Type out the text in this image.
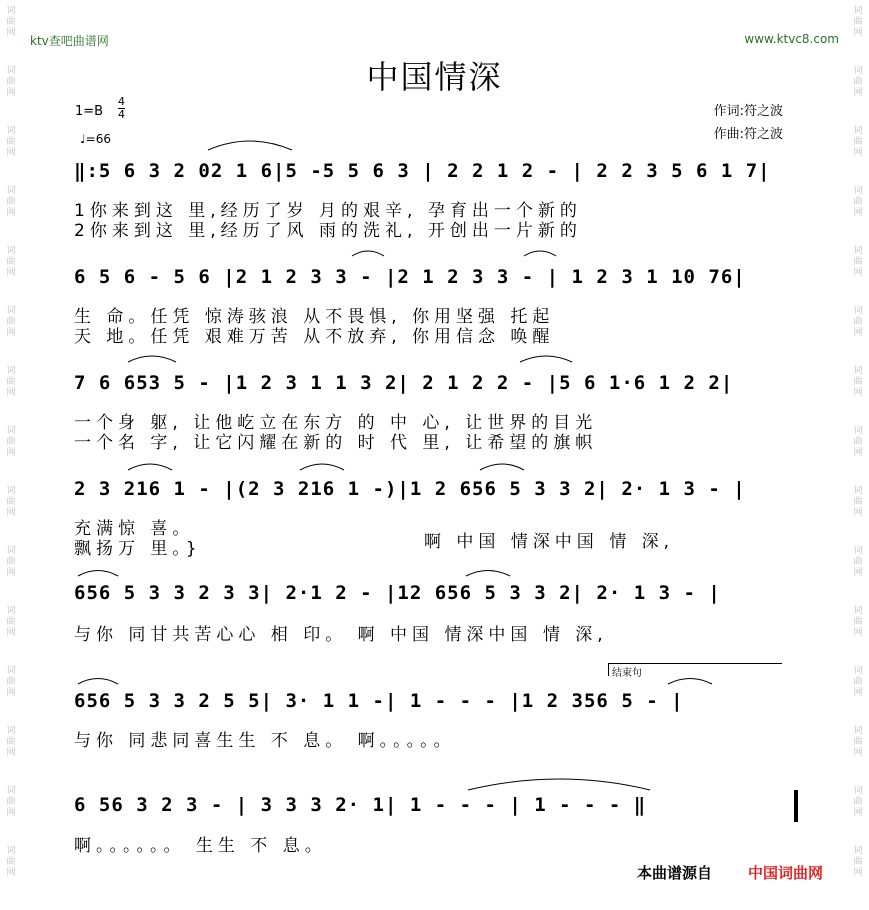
词
曲
网
词
曲
网
词
曲
网
词
曲
网
词
曲
网
词
曲
网
词
曲
网
词
曲
网
词
曲
网
词
曲
网
词
曲
网
词
曲
网
词
曲
网
词
曲
网
词
曲
网
词
曲
网
词
曲
网
词
曲
网
词
曲
网
词
曲
网
词
曲
网
词
曲
网
词
曲
网
词
曲
网
词
曲
网
词
曲
网
词
曲
网
词
曲
网
词
曲
网
词
曲
网
ktv查吧曲谱网	www.ktvc8.com
中国情深
1=B
4
4
♩=66
作词:符之波
作曲:符之波
‖:5 6 3 2 02 1 6|5 -5 5 6 3 | 2 2 1 2 - | 2 2 3 5 6 1 7|
1你来到这 里,经历了岁 月的艰辛, 孕育出一个新的
2你来到这 里,经历了风 雨的洗礼, 开创出一片新的
6 5 6 - 5 6 |2 1 2 3 3 - |2 1 2 3 3 - | 1 2 3 1 10 76|
生 命。任凭 惊涛骇浪 从不畏惧, 你用坚强 托起
天 地。任凭 艰难万苦 从不放弃, 你用信念 唤醒
7 6 653 5 - |1 2 3 1 1 3 2| 2 1 2 2 - |5 6 1·6 1 2 2|
一个身 躯, 让他屹立在东方 的 中 心, 让世界的目光
一个名 字, 让它闪耀在新的 时 代 里, 让希望的旗帜
2 3 216 1 - |(2 3 216 1 -)|1 2 656 5 3 3 2| 2· 1 3 - |
充满惊 喜。
飘扬万 里。}	啊 中国 情深中国 情 深,
656 5 3 3 2 3 3| 2·1 2 - |12 656 5 3 3 2| 2· 1 3 - |
与你 同甘共苦心心 相 印。 啊 中国 情深中国 情 深,
结束句
656 5 3 3 2 5 5| 3· 1 1 -| 1 - - - |1 2 356 5 - |
与你 同悲同喜生生 不 息。 啊。。。。。
6 56 3 2 3 - | 3 3 3 2· 1| 1 - - - | 1 - - - ‖
啊。。。。。。 生生 不 息。
本曲谱源自 中国词曲网
